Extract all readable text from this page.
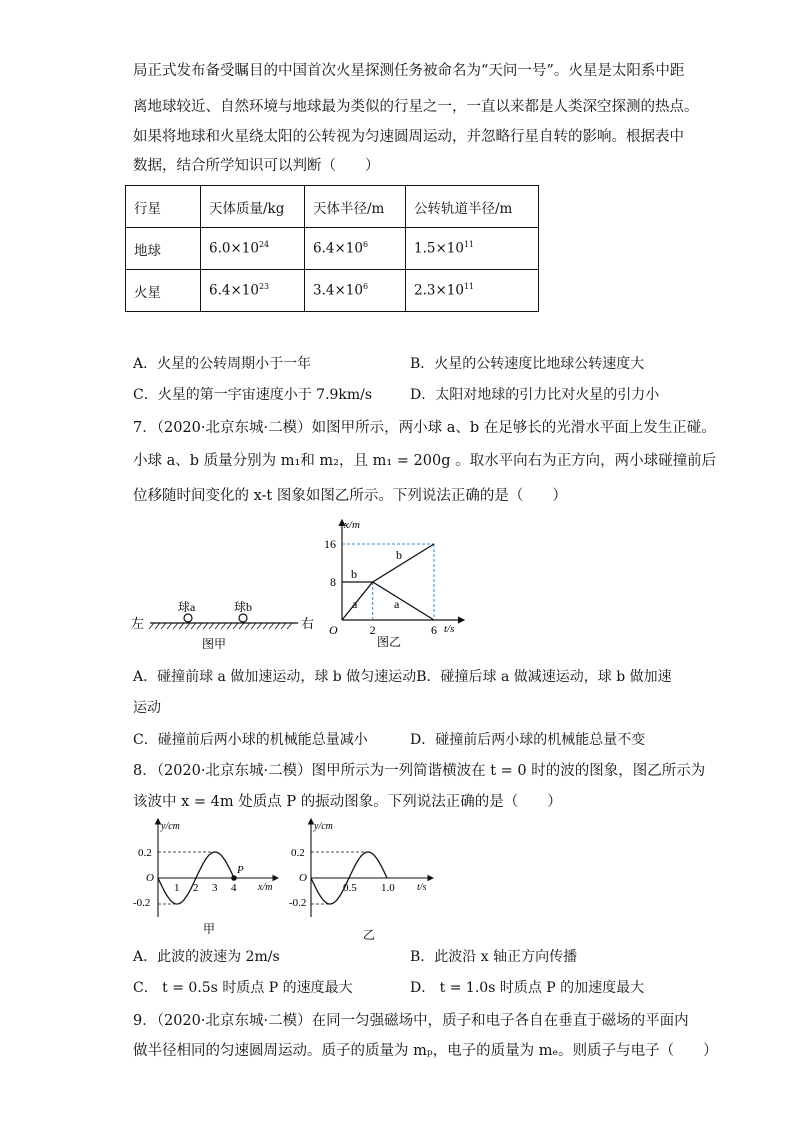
局正式发布备受瞩目的中国首次火星探测任务被命名为“天问一号”。火星是太阳系中距
离地球较近、自然环境与地球最为类似的行星之一，一直以来都是人类深空探测的热点。
如果将地球和火星绕太阳的公转视为匀速圆周运动，并忽略行星自转的影响。根据表中
数据，结合所学知识可以判断（　　）
行星	天体质量/kg	天体半径/m	公转轨道半径/m
地球	$6.0\times 10^{24}$	$6.4\times 10^6$	$1.5\times 10^{11}$
火星	$6.4\times 10^{23}$	$3.4\times 10^6$	$2.3\times 10^{11}$
A．火星的公转周期小于一年	B．火星的公转速度比地球公转速度大
C．火星的第一宇宙速度小于 7.9km/s	D．太阳对地球的引力比对火星的引力小
7．（2020·北京东城·二模）如图甲所示，两小球 a、b 在足够长的光滑水平面上发生正碰。
小球 a、b 质量分别为 m₁和 m₂，且 m₁ = 200g 。取水平向右为正方向，两小球碰撞前后
位移随时间变化的 x-t 图象如图乙所示。下列说法正确的是（　　）
球a	球b
左	右
图甲
x/m
t/s
O
16
8
2	6
b
a
b
a
图乙
A．碰撞前球 a 做加速运动，球 b 做匀速运动B．碰撞后球 a 做减速运动，球 b 做加速
运动
C．碰撞前后两小球的机械能总量减小	D．碰撞前后两小球的机械能总量不变
8．（2020·北京东城·二模）图甲所示为一列简谐横波在 t = 0 时的波的图象，图乙所示为
该波中 x = 4m 处质点 P 的振动图象。下列说法正确的是（　　）
y/cm
x/m
O
0.2
-0.2
1 2 3 4
P
甲
y/cm
t/s
O
0.2
-0.2
0.5 1.0
乙
A．此波的波速为 2m/s	B．此波沿 x 轴正方向传播
C． t = 0.5s 时质点 P 的速度最大	D． t = 1.0s 时质点 P 的加速度最大
9．（2020·北京东城·二模）在同一匀强磁场中，质子和电子各自在垂直于磁场的平面内
做半径相同的匀速圆周运动。质子的质量为 mₚ，电子的质量为 mₑ。则质子与电子（　　）
